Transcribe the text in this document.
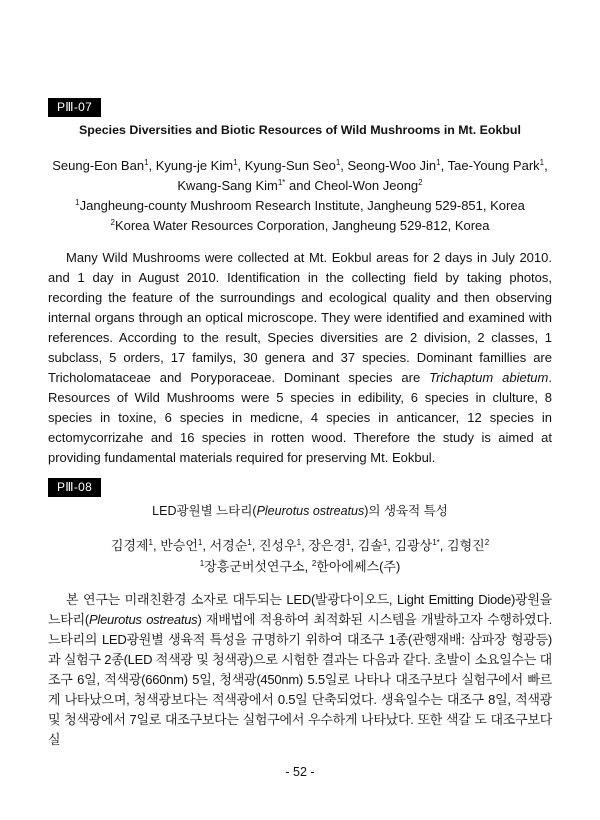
PⅢ-07
Species Diversities and Biotic Resources of Wild Mushrooms in Mt. Eokbul
Seung-Eon Ban$^1$, Kyung-je Kim$^1$, Kyung-Sun Seo$^1$, Seong-Woo Jin$^1$, Tae-Young Park$^1$,
Kwang-Sang Kim$^{1*}$ and Cheol-Won Jeong$^2$
$^1$Jangheung-county Mushroom Research Institute, Jangheung 529-851, Korea
$^2$Korea Water Resources Corporation, Jangheung 529-812, Korea

Many Wild Mushrooms were collected at Mt. Eokbul areas for 2 days in July 2010. and 1 day in August 2010. Identification in the collecting field by taking photos, recording the feature of the surroundings and ecological quality and then observing internal organs through an optical microscope. They were identified and examined with references. According to the result, Species diversities are 2 division, 2 classes, 1 subclass, 5 orders, 17 familys, 30 genera and 37 species. Dominant famillies are Tricholomataceae and Poryporaceae. Dominant species are Trichaptum abietum. Resources of Wild Mushrooms were 5 species in edibility, 6 species in clulture, 8 species in toxine, 6 species in medicne, 4 species in anticancer, 12 species in ectomycorrizahe and 16 species in rotten wood. Therefore the study is aimed at providing fundamental materials required for preserving Mt. Eokbul.

PⅢ-08
LED광원별 느타리(Pleurotus ostreatus)의 생육적 특성
김경제$^1$, 반승언$^1$, 서경순$^1$, 진성우$^1$, 장은경$^1$, 김솔$^1$, 김광상$^{1*}$, 김형진$^2$
$^1$장흥군버섯연구소, $^2$한아에쎄스(주)

본 연구는 미래친환경 소자로 대두되는 LED(발광다이오드, Light Emitting Diode)광원을 느타리(Pleurotus ostreatus) 재배법에 적용하여 최적화된 시스템을 개발하고자 수행하였다. 느타리의 LED광원별 생육적 특성을 규명하기 위하여 대조구 1종(관행재배: 삼파장 형광등)과 실험구 2종(LED 적색광 및 청색광)으로 시험한 결과는 다음과 같다. 초발이 소요일수는 대조구 6일, 적색광(660nm) 5일, 청색광(450nm) 5.5일로 나타나 대조구보다 실험구에서 빠르게 나타났으며, 청색광보다는 적색광에서 0.5일 단축되었다. 생육일수는 대조구 8일, 적색광 및 청색광에서 7일로 대조구보다는 실험구에서 우수하게 나타났다. 또한 색갈 도 대조구보다 실

- 52 -
